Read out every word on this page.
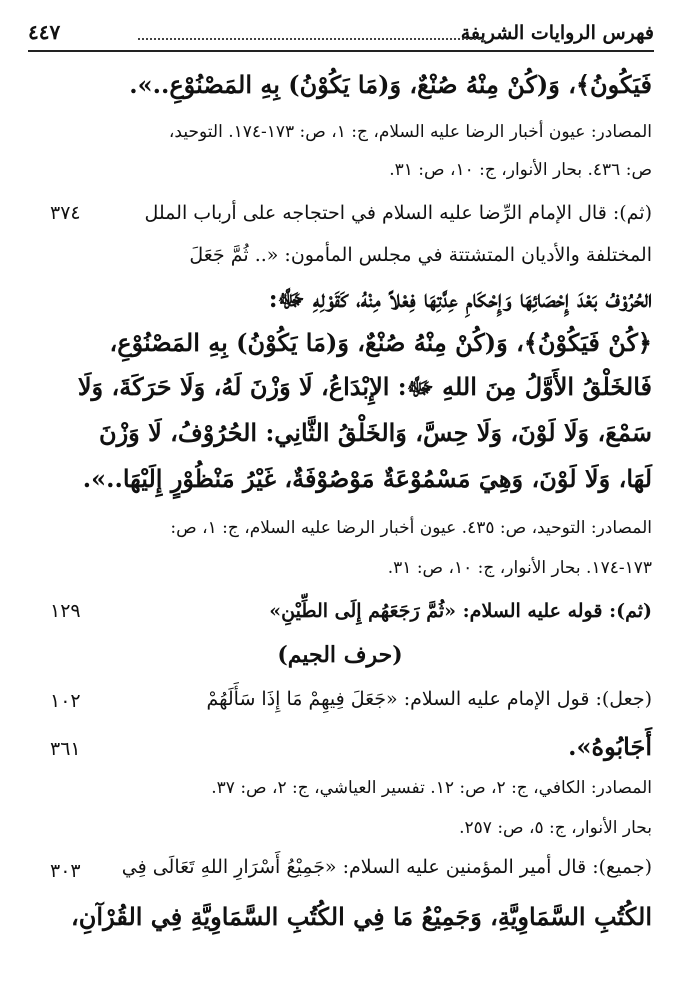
فهرس الروايات الشريفة
٤٤٧
فَيَكُونُ﴾، وَ(كُنْ مِنْهُ صُنْعٌ، وَ(مَا يَكُوْنُ) بِهِ المَصْنُوْعِ..».
المصادر: عيون أخبار الرضا عليه السلام، ج: ١، ص: ١٧٣-١٧٤. التوحيد،
ص: ٤٣٦. بحار الأنوار، ج: ١٠، ص: ٣١.
(ثم): قال الإمام الرِّضا عليه السلام في احتجاجه على أرباب الملل
٣٧٤
المختلفة والأديان المتشتتة في مجلس المأمون: «.. ثُمَّ جَعَلَ
الحُرُوْفُ بَعْدَ إِحْصَائِهَا وَإِحْكَامِ عِدَّتِهَا فِعْلاً مِنْهُ، كَقَوْلِهِ ﷻ:
﴿كُنْ فَيَكُوْنُ﴾، وَ(كُنْ مِنْهُ صُنْعٌ، وَ(مَا يَكُوْنُ) بِهِ المَصْنُوْعِ،
فَالخَلْقُ الأَوَّلُ مِنَ اللهِ ﷻ: الإِبْدَاعُ، لَا وَزْنَ لَهُ، وَلَا حَرَكَةَ، وَلَا
سَمْعَ، وَلَا لَوْنَ، وَلَا حِسَّ، وَالخَلْقُ الثَّانِي: الحُرُوْفُ، لَا وَزْنَ
لَهَا، وَلَا لَوْنَ، وَهِيَ مَسْمُوْعَةٌ مَوْصُوْفَةٌ، غَيْرُ مَنْظُوْرٍ إِلَيْهَا..».
المصادر: التوحيد، ص: ٤٣٥. عيون أخبار الرضا عليه السلام، ج: ١، ص:
١٧٣-١٧٤. بحار الأنوار، ج: ١٠، ص: ٣١.
(ثم): قوله عليه السلام: «ثُمَّ رَجَعَهُم إِلَى الطِّيْنِ»
١٢٩
(حرف الجيم)
(جعل): قول الإمام عليه السلام: «جَعَلَ فِيهِمْ مَا إِذَا سَأَلَهُمْ
١٠٢
أَجَابُوهُ».
٣٦١
المصادر: الكافي، ج: ٢، ص: ١٢. تفسير العياشي، ج: ٢، ص: ٣٧.
بحار الأنوار، ج: ٥، ص: ٢٥٧.
(جميع): قال أمير المؤمنين عليه السلام: «جَمِيْعُ أَسْرَارِ اللهِ تَعَالَى فِي
٣٠٣
الكُتُبِ السَّمَاوِيَّةِ، وَجَمِيْعُ مَا فِي الكُتُبِ السَّمَاوِيَّةِ فِي القُرْآنِ،
